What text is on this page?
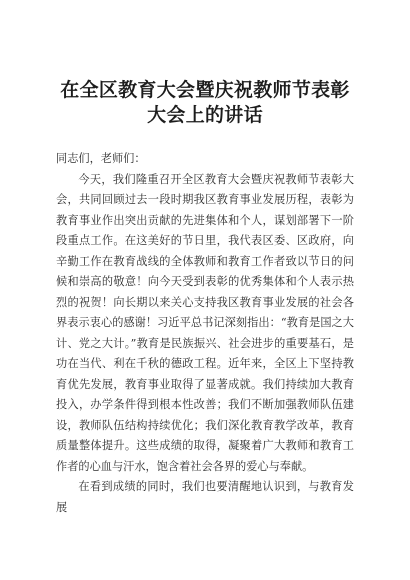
在全区教育大会暨庆祝教师节表彰大会上的讲话

同志们，老师们：

今天，我们隆重召开全区教育大会暨庆祝教师节表彰大会，共同回顾过去一段时期我区教育事业发展历程，表彰为教育事业作出突出贡献的先进集体和个人，谋划部署下一阶段重点工作。在这美好的节日里，我代表区委、区政府，向辛勤工作在教育战线的全体教师和教育工作者致以节日的问候和崇高的敬意！向今天受到表彰的优秀集体和个人表示热烈的祝贺！向长期以来关心支持我区教育事业发展的社会各界表示衷心的感谢！习近平总书记深刻指出：“教育是国之大计、党之大计。”教育是民族振兴、社会进步的重要基石，是功在当代、利在千秋的德政工程。近年来，全区上下坚持教育优先发展，教育事业取得了显著成就。我们持续加大教育投入，办学条件得到根本性改善；我们不断加强教师队伍建设，教师队伍结构持续优化；我们深化教育教学改革，教育质量整体提升。这些成绩的取得，凝聚着广大教师和教育工作者的心血与汗水，饱含着社会各界的爱心与奉献。

在看到成绩的同时，我们也要清醒地认识到，与教育发展
